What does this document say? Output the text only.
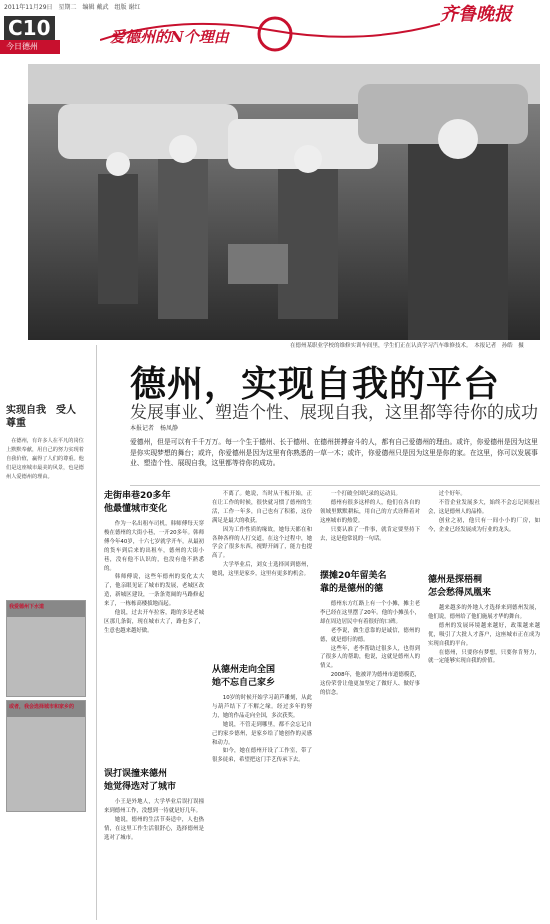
2011年11月29日　星期二　编辑 戴武　组版 谢红	齐鲁晚报
C10
今日德州
爱德州的N个理由
在德州某职业学校的维修实训车间里，学生们正在认真学习汽车维修技术。　本报记者　孙皓　摄
德州，实现自我的平台
发展事业、塑造个性、展现自我，这里都等待你的成功
本报记者　杨凤静
爱德州，但是可以有千千万万。每一个生于德州、长于德州、在德州拼搏奋斗的人，都有自己爱德州的理由。或许，你爱德州是因为这里是你实现梦想的舞台；或许，你爱德州是因为这里有你熟悉的一草一木；或许，你爱德州只是因为这里是你的家。在这里，你可以发展事业、塑造个性、展现自我，这里都等待你的成功。
实现自我　受人尊重
在德州，有许多人在平凡的岗位上默默奉献，用自己的努力实现着自我价值，赢得了人们的尊重。他们是这座城市最美的风景，也是德州人爱德州的理由。
我爱德州下水道
或者，我会选择城市和家乡的
走街串巷20多年
他最懂城市变化

作为一名出租车司机，韩师傅每天穿梭在德州的大街小巷，一开20多年。韩师傅今年40岁，十六七岁就学开车，从最初的货车到后来的出租车，德州的大街小巷，没有他不认识的，也没有他不熟悉的。

韩师傅说，这些年德州的变化太大了，他亲眼见证了城市的发展，老城区改造，新城区建设，一条条宽阔的马路修起来了，一栋栋高楼拔地而起。

他说，过去开车拉客，跑的多是老城区那几条街，现在城市大了，路也多了，生意也越来越好做。

误打误撞来德州
她觉得选对了城市

小王是外地人，大学毕业后误打误撞来到德州工作，没想到一待就是好几年。

她说，德州的生活节奏适中，人也热情，在这里工作生活很舒心，选择德州是选对了城市。

不离了。她说，当时从干板开始，正在让工作的时候，很快就习惯了德州的生活，工作一年多，自己也有了积蓄，这份满足是最大的收获。

因为工作性质的缘故，她每天都在和各种各样的人打交道，在这个过程中，她学会了很多东西，视野开阔了，能力也提高了。

大学毕业后，刘女士选择回到德州，她说，这里是家乡，这里有更多的机会。

从德州走向全国
她不忘自己家乡

10岁的时候开始学习葫芦雕刻，从此与葫芦结下了不解之缘。经过多年的努力，她的作品走向全国，多次获奖。

她说，不管走到哪里，都不会忘记自己的家乡德州，是家乡给了她创作的灵感和动力。

如今，她在德州开设了工作室，带了很多徒弟，希望把这门手艺传承下去。

一个打破全国纪录的运动员。

德州有很多这样的人，他们在各自的领域里默默耕耘，用自己的方式诠释着对这座城市的热爱。

只要认准了一件事，就肯定要坚持下去，这是他常说的一句话。

摆摊20年留美名
靠的是德州的德

德州东方红路上有一个小摊，摊主老李已经在这里摆了20年。他的小摊虽小，却在周边居民中有着很好的口碑。

老李说，做生意靠的是诚信，德州的德，就是德行的德。

这些年，老李帮助过很多人，也得到了很多人的帮助，他说，这就是德州人的情义。

2008年，他被评为德州市道德模范，这份荣誉让他更加坚定了做好人、做好事的信念。

过个好年。

不管企业发展多大，始终不会忘记回报社会，这是德州人的品格。

创业之初，他只有一间小小的厂房，如今，企业已经发展成为行业的龙头。

德州是探梧桐
怎会愁得凤凰来

越来越多的外地人才选择来到德州发展，他们说，德州给了他们施展才华的舞台。

德州的发展环境越来越好，政策越来越优，吸引了大批人才落户，这座城市正在成为实现自我的平台。

在德州，只要你有梦想，只要你肯努力，就一定能够实现自我的价值。
